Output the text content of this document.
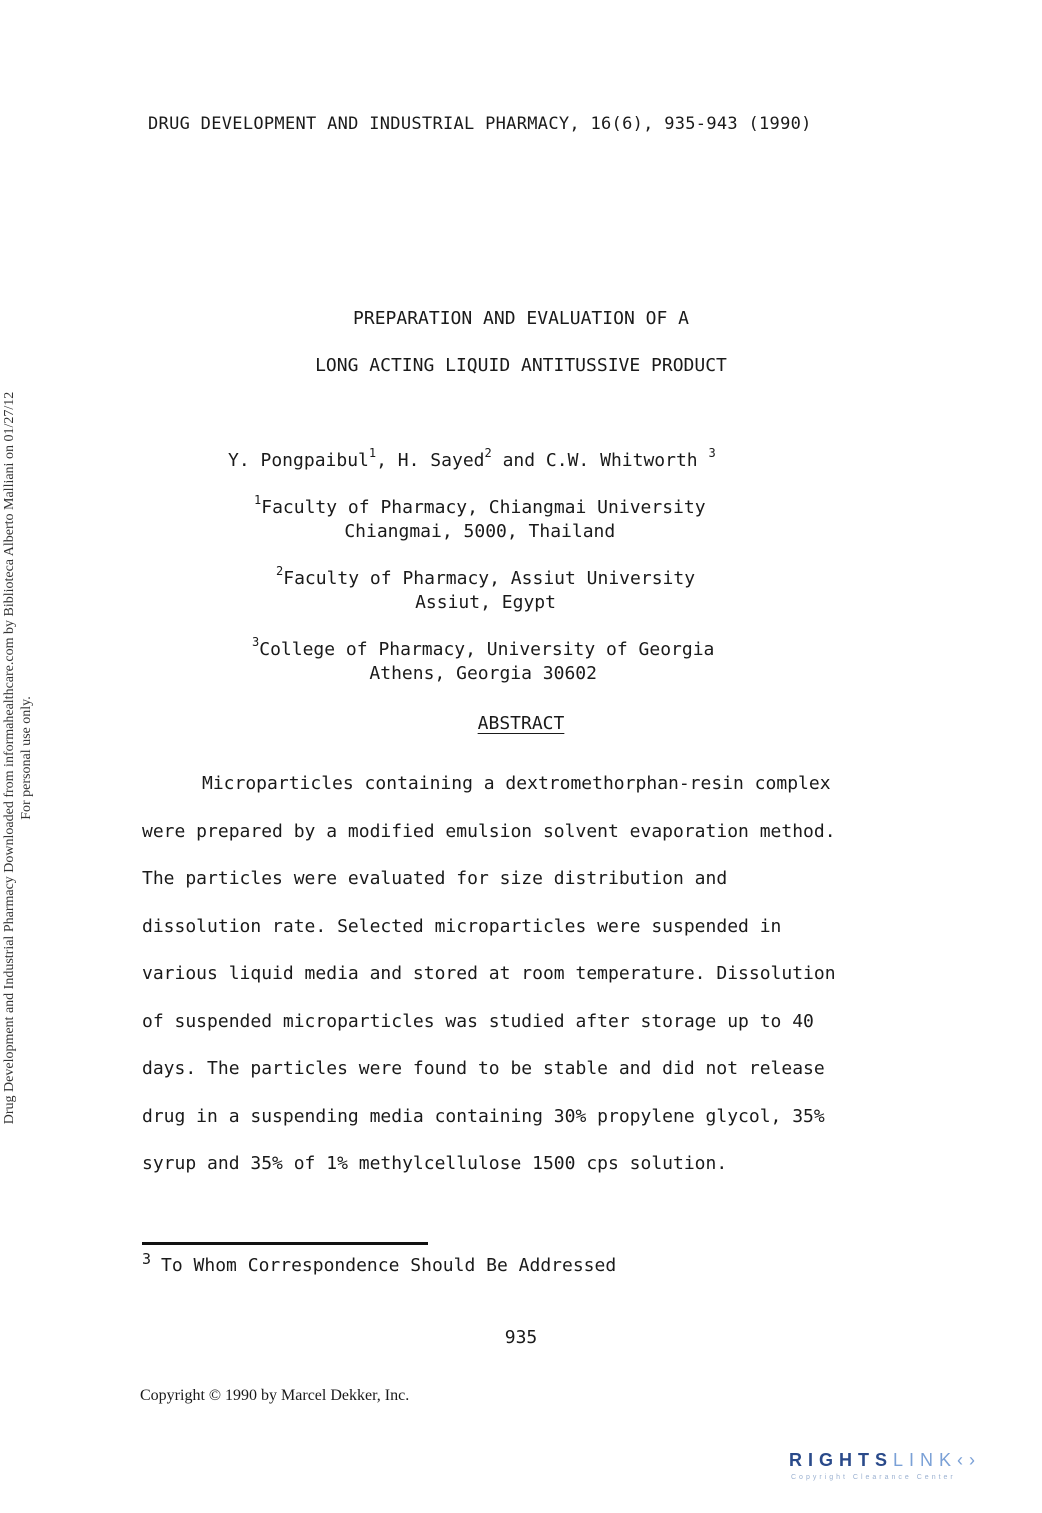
DRUG DEVELOPMENT AND INDUSTRIAL PHARMACY, 16(6), 935-943 (1990)
Drug Development and Industrial Pharmacy Downloaded from informahealthcare.com by Biblioteca Alberto Malliani on 01/27/12 For personal use only.
PREPARATION AND EVALUATION OF A
LONG ACTING LIQUID ANTITUSSIVE PRODUCT
Y. Pongpaibul$^1$, H. Sayed$^2$ and C.W. Whitworth $^3$
$^1$Faculty of Pharmacy, Chiangmai University
Chiangmai, 5000, Thailand
$^2$Faculty of Pharmacy, Assiut University
Assiut, Egypt
$^3$College of Pharmacy, University of Georgia
Athens, Georgia 30602
ABSTRACT
Microparticles containing a dextromethorphan-resin complex
were prepared by a modified emulsion solvent evaporation method.
The particles were evaluated for size distribution and
dissolution rate. Selected microparticles were suspended in
various liquid media and stored at room temperature. Dissolution
of suspended microparticles was studied after storage up to 40
days. The particles were found to be stable and did not release
drug in a suspending media containing 30% propylene glycol, 35%
syrup and 35% of 1% methylcellulose 1500 cps solution.
$^3$ To Whom Correspondence Should Be Addressed
935
Copyright © 1990 by Marcel Dekker, Inc.
RIGHTSLINK‹›
Copyright Clearance Center
